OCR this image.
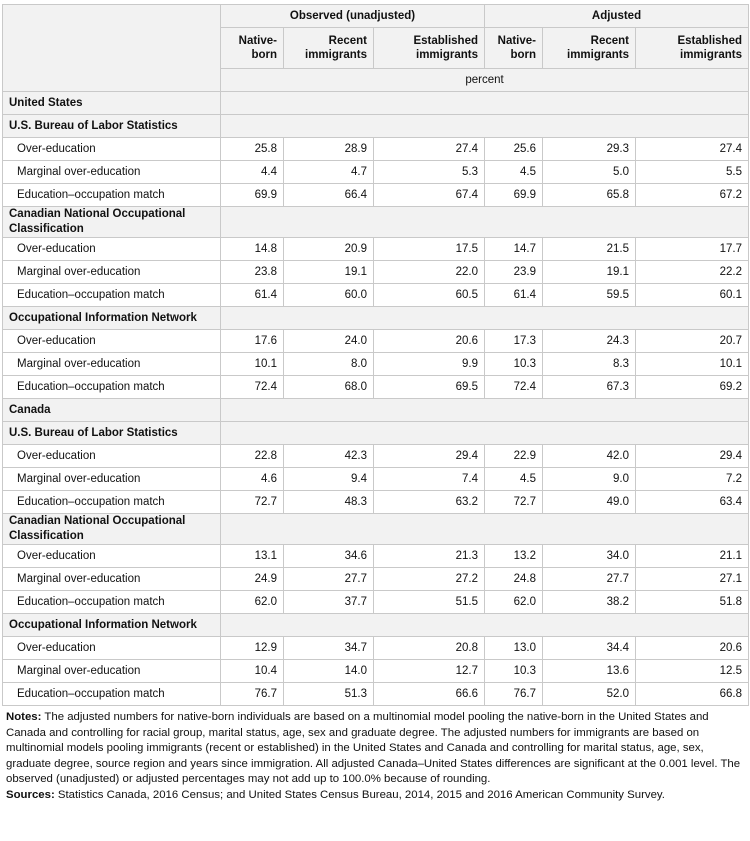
	Observed (unadjusted)			Adjusted		
	Native-born	Recent immigrants	Established immigrants	Native-born	Recent immigrants	Established immigrants
	percent					
United States						
U.S. Bureau of Labor Statistics						
Over-education	25.8	28.9	27.4	25.6	29.3	27.4
Marginal over-education	4.4	4.7	5.3	4.5	5.0	5.5
Education–occupation match	69.9	66.4	67.4	69.9	65.8	67.2
Canadian National Occupational Classification						
Over-education	14.8	20.9	17.5	14.7	21.5	17.7
Marginal over-education	23.8	19.1	22.0	23.9	19.1	22.2
Education–occupation match	61.4	60.0	60.5	61.4	59.5	60.1
Occupational Information Network						
Over-education	17.6	24.0	20.6	17.3	24.3	20.7
Marginal over-education	10.1	8.0	9.9	10.3	8.3	10.1
Education–occupation match	72.4	68.0	69.5	72.4	67.3	69.2
Canada						
U.S. Bureau of Labor Statistics						
Over-education	22.8	42.3	29.4	22.9	42.0	29.4
Marginal over-education	4.6	9.4	7.4	4.5	9.0	7.2
Education–occupation match	72.7	48.3	63.2	72.7	49.0	63.4
Canadian National Occupational Classification						
Over-education	13.1	34.6	21.3	13.2	34.0	21.1
Marginal over-education	24.9	27.7	27.2	24.8	27.7	27.1
Education–occupation match	62.0	37.7	51.5	62.0	38.2	51.8
Occupational Information Network						
Over-education	12.9	34.7	20.8	13.0	34.4	20.6
Marginal over-education	10.4	14.0	12.7	10.3	13.6	12.5
Education–occupation match	76.7	51.3	66.6	76.7	52.0	66.8
Notes: The adjusted numbers for native-born individuals are based on a multinomial model pooling the native-born in the United States and Canada and controlling for racial group, marital status, age, sex and graduate degree. The adjusted numbers for immigrants are based on multinomial models pooling immigrants (recent or established) in the United States and Canada and controlling for marital status, age, sex, graduate degree, source region and years since immigration. All adjusted Canada–United States differences are significant at the 0.001 level. The observed (unadjusted) or adjusted percentages may not add up to 100.0% because of rounding.
Sources: Statistics Canada, 2016 Census; and United States Census Bureau, 2014, 2015 and 2016 American Community Survey.
